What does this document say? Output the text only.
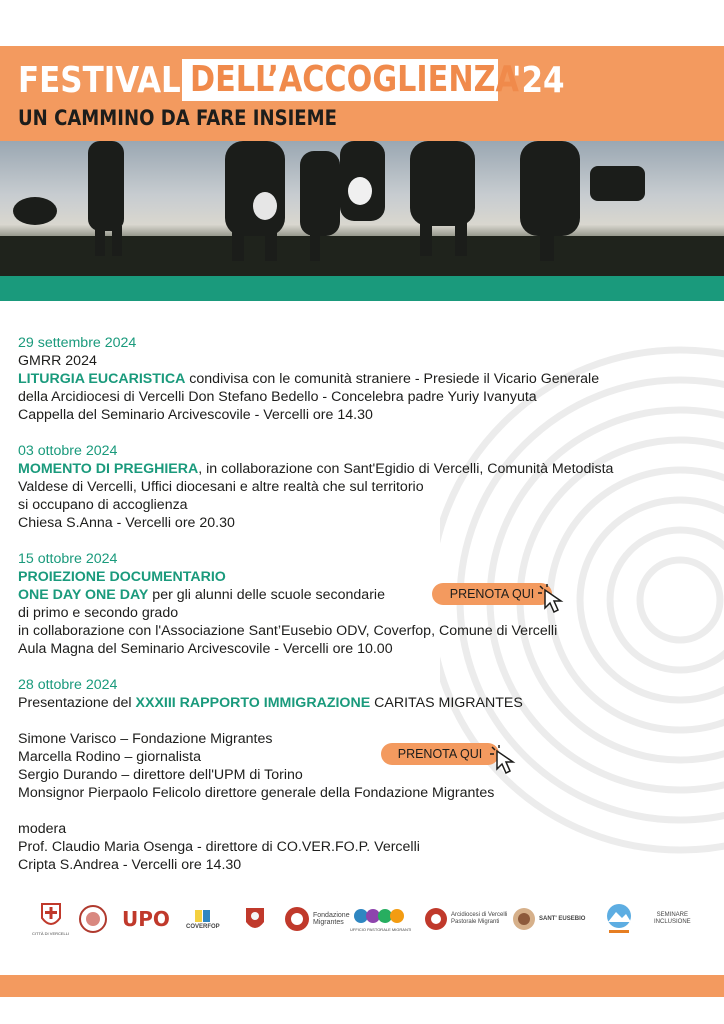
FESTIVAL DELL’ACCOGLIENZA
'24
UN CAMMINO DA FARE INSIEME
29 settembre 2024
GMRR 2024
LITURGIA EUCARISTICA condivisa con le comunità straniere - Presiede il Vicario Generale
della Arcidiocesi di Vercelli Don Stefano Bedello - Concelebra padre Yuriy Ivanyuta
Cappella del Seminario Arcivescovile - Vercelli ore 14.30
03 ottobre 2024
MOMENTO DI PREGHIERA, in collaborazione con Sant'Egidio di Vercelli, Comunità Metodista
Valdese di Vercelli, Uffici diocesani e altre realtà che sul territorio
si occupano di accoglienza
Chiesa S.Anna - Vercelli ore 20.30
15 ottobre 2024
PROIEZIONE DOCUMENTARIO
ONE DAY ONE DAY per gli alunni delle scuole secondarie
di primo e secondo grado
in collaborazione con l'Associazione Sant’Eusebio ODV, Coverfop, Comune di Vercelli
Aula Magna del Seminario Arcivescovile - Vercelli ore 10.00
28 ottobre 2024
Presentazione del XXXIII RAPPORTO IMMIGRAZIONE CARITAS MIGRANTES
Simone Varisco – Fondazione Migrantes
Marcella Rodino – giornalista
Sergio Durando – direttore dell'UPM di Torino
Monsignor Pierpaolo Felicolo direttore generale della Fondazione Migrantes
modera
Prof. Claudio Maria Osenga - direttore di CO.VER.FO.P. Vercelli
Cripta S.Andrea - Vercelli ore 14.30
PRENOTA QUI
PRENOTA QUI
CITTÀ DI VERCELLI
UPO	COVERFOP
Fondazione
Migrantes
UFFICIO PASTORALE MIGRANTI
Arcidiocesi di Vercelli
Pastorale Migranti
SANT' EUSEBIO
SEMINARE
INCLUSIONE
